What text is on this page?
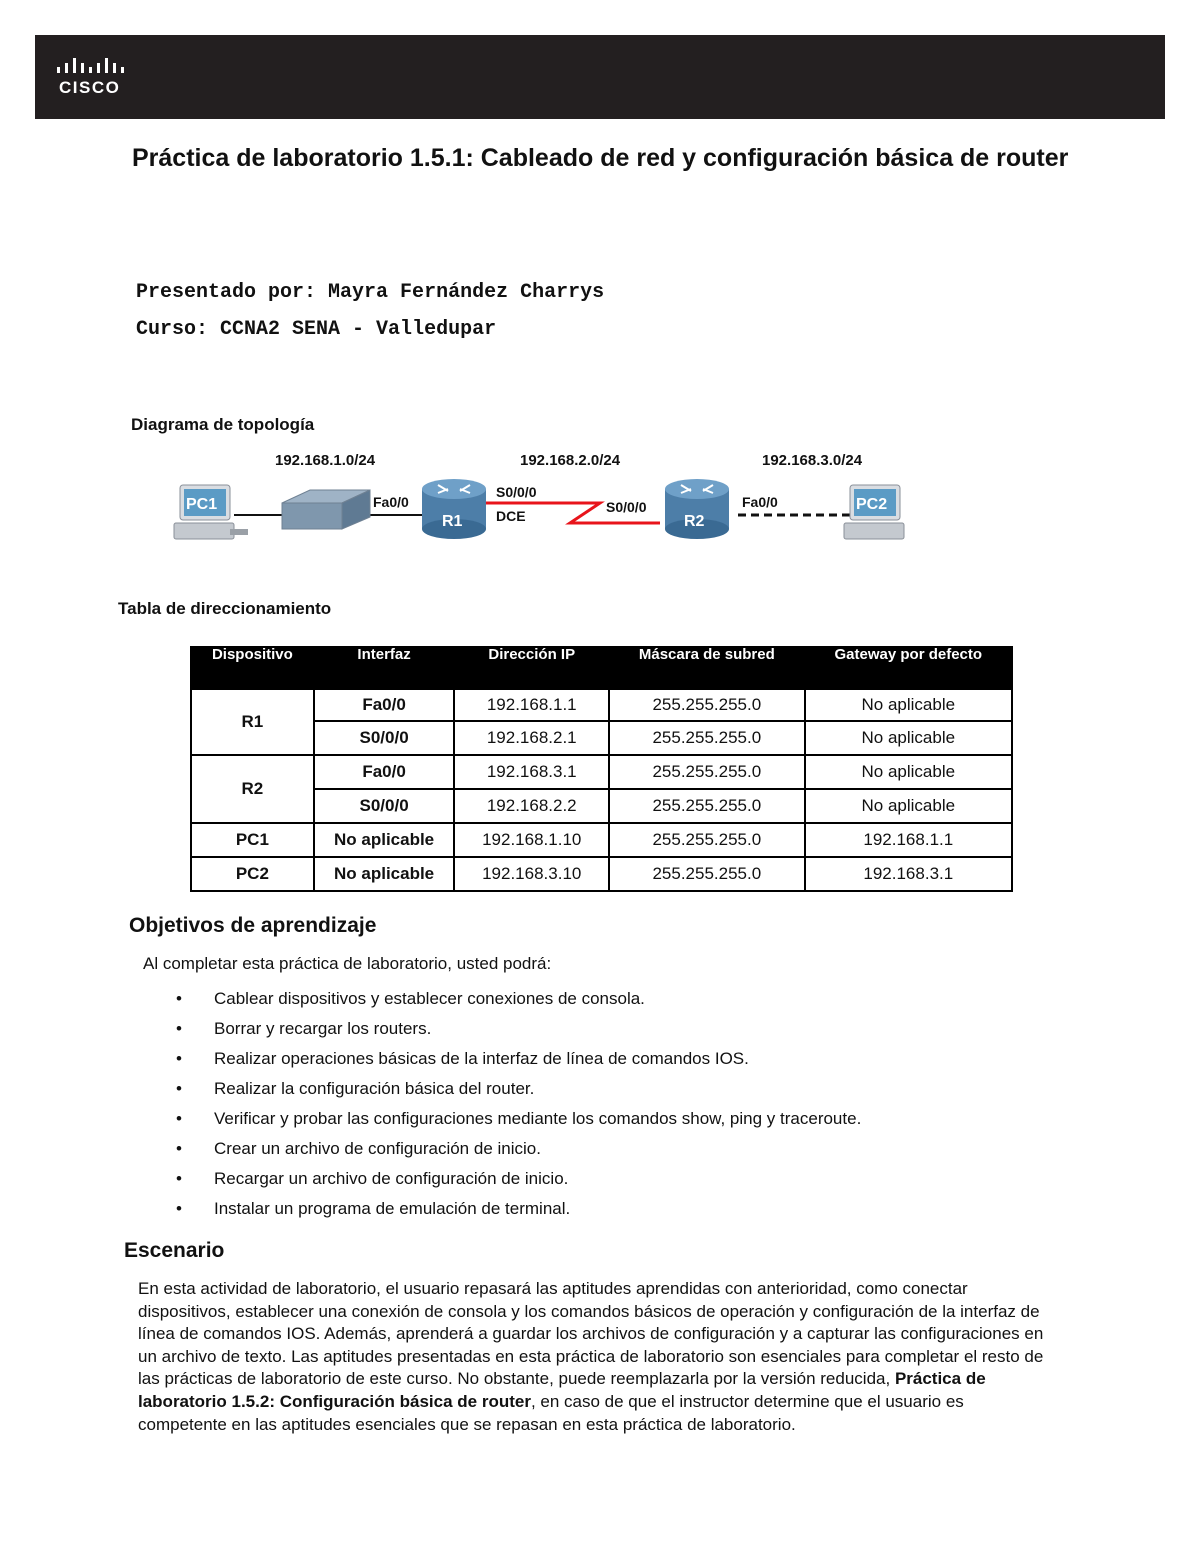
CISCO
Práctica de laboratorio 1.5.1: Cableado de red y configuración básica de router
Presentado por: Mayra Fernández Charrys
Curso: CCNA2 SENA - Valledupar
Diagrama de topología
192.168.1.0/24	192.168.2.0/24	192.168.3.0/24
PC1	Fa0/0
R1
S0/0/0
DCE
S0/0/0
R2
Fa0/0	PC2
Tabla de direccionamiento
Dispositivo	Interfaz	Dirección IP	Máscara de subred	Gateway por defecto
R1	Fa0/0	192.168.1.1	255.255.255.0	No aplicable
	S0/0/0	192.168.2.1	255.255.255.0	No aplicable
R2	Fa0/0	192.168.3.1	255.255.255.0	No aplicable
	S0/0/0	192.168.2.2	255.255.255.0	No aplicable
PC1	No aplicable	192.168.1.10	255.255.255.0	192.168.1.1
PC2	No aplicable	192.168.3.10	255.255.255.0	192.168.3.1
Objetivos de aprendizaje

Al completar esta práctica de laboratorio, usted podrá:

• Cablear dispositivos y establecer conexiones de consola.
• Borrar y recargar los routers.
• Realizar operaciones básicas de la interfaz de línea de comandos IOS.
• Realizar la configuración básica del router.
• Verificar y probar las configuraciones mediante los comandos show, ping y traceroute.
• Crear un archivo de configuración de inicio.
• Recargar un archivo de configuración de inicio.
• Instalar un programa de emulación de terminal.
Escenario

En esta actividad de laboratorio, el usuario repasará las aptitudes aprendidas con anterioridad, como conectar dispositivos, establecer una conexión de consola y los comandos básicos de operación y configuración de la interfaz de línea de comandos IOS. Además, aprenderá a guardar los archivos de configuración y a capturar las configuraciones en un archivo de texto. Las aptitudes presentadas en esta práctica de laboratorio son esenciales para completar el resto de las prácticas de laboratorio de este curso. No obstante, puede reemplazarla por la versión reducida, Práctica de laboratorio 1.5.2: Configuración básica de router, en caso de que el instructor determine que el usuario es competente en las aptitudes esenciales que se repasan en esta práctica de laboratorio.
